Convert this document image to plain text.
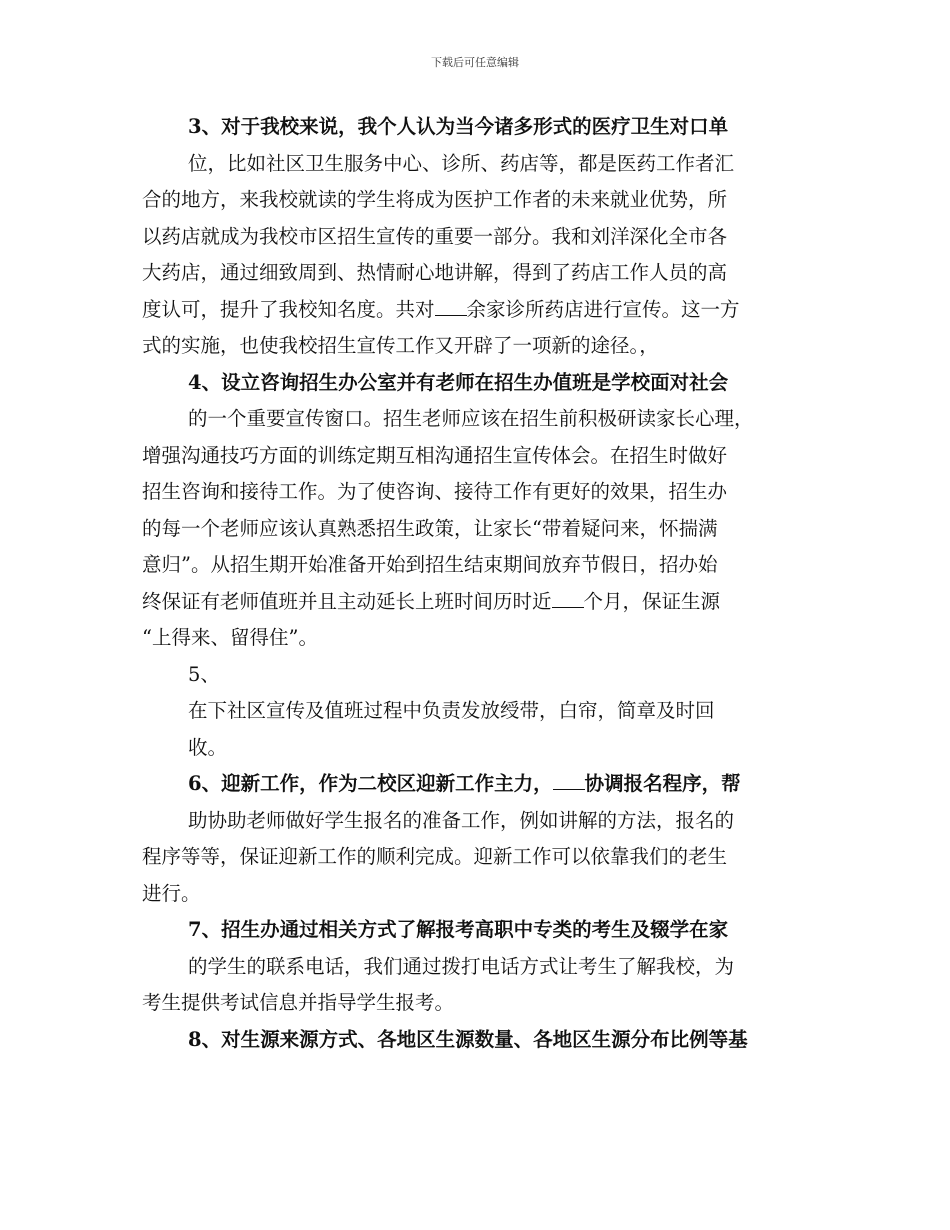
下载后可任意编辑
3、对于我校来说，我个人认为当今诸多形式的医疗卫生对口单
位，比如社区卫生服务中心、诊所、药店等，都是医药工作者汇
合的地方，来我校就读的学生将成为医护工作者的未来就业优势，所
以药店就成为我校市区招生宣传的重要一部分。我和刘洋深化全市各
大药店，通过细致周到、热情耐心地讲解，得到了药店工作人员的高
度认可，提升了我校知名度。共对 余家诊所药店进行宣传。这一方
式的实施，也使我校招生宣传工作又开辟了一项新的途径。，
4、设立咨询招生办公室并有老师在招生办值班是学校面对社会
的一个重要宣传窗口。招生老师应该在招生前积极研读家长心理，
增强沟通技巧方面的训练定期互相沟通招生宣传体会。在招生时做好
招生咨询和接待工作。为了使咨询、接待工作有更好的效果，招生办
的每一个老师应该认真熟悉招生政策，让家长“带着疑问来，怀揣满
意归”。从招生期开始准备开始到招生结束期间放弃节假日，招办始
终保证有老师值班并且主动延长上班时间历时近 个月，保证生源
“上得来、留得住”。
5、
在下社区宣传及值班过程中负责发放绶带，白帘，简章及时回
收。
6、迎新工作，作为二校区迎新工作主力， 协调报名程序，帮
助协助老师做好学生报名的准备工作，例如讲解的方法，报名的
程序等等，保证迎新工作的顺利完成。迎新工作可以依靠我们的老生
进行。
7、招生办通过相关方式了解报考高职中专类的考生及辍学在家
的学生的联系电话，我们通过拨打电话方式让考生了解我校，为
考生提供考试信息并指导学生报考。
8、对生源来源方式、各地区生源数量、各地区生源分布比例等基
